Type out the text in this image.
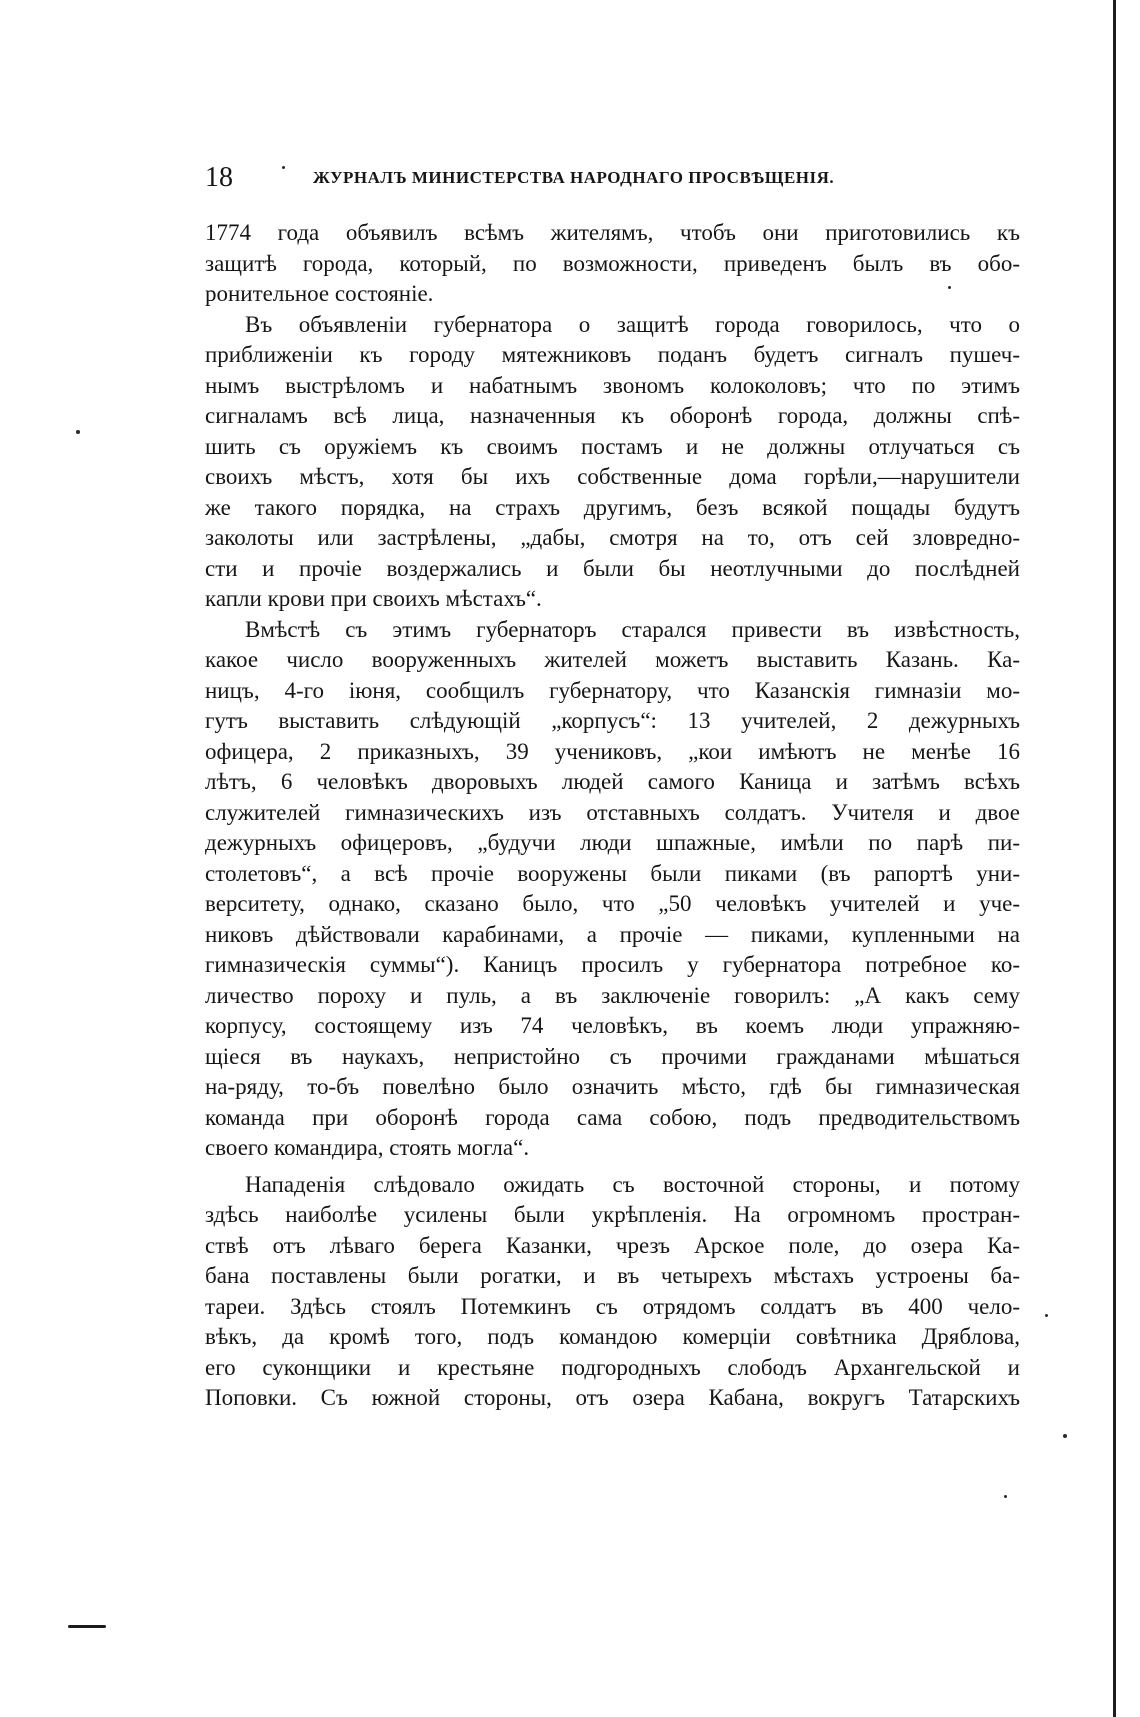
18	ЖУРНАЛЪ МИНИСТЕРСТВА НАРОДНАГО ПРОСВѢЩЕНІЯ.
1774 года объявилъ всѣмъ жителямъ, чтобъ они приготовились къ
защитѣ города, который, по возможности, приведенъ былъ въ обо-
ронительное состояніе.
Въ объявленіи губернатора о защитѣ города говорилось, что о
приближеніи къ городу мятежниковъ поданъ будетъ сигналъ пушеч-
нымъ выстрѣломъ и набатнымъ звономъ колоколовъ; что по этимъ
сигналамъ всѣ лица, назначенныя къ оборонѣ города, должны спѣ-
шить съ оружіемъ къ своимъ постамъ и не должны отлучаться съ
своихъ мѣстъ, хотя бы ихъ собственные дома горѣли,—нарушители
же такого порядка, на страхъ другимъ, безъ всякой пощады будутъ
заколоты или застрѣлены, „дабы, смотря на то, отъ сей зловредно-
сти и прочіе воздержались и были бы неотлучными до послѣдней
капли крови при своихъ мѣстахъ“.
Вмѣстѣ съ этимъ губернаторъ старался привести въ извѣстность,
какое число вооруженныхъ жителей можетъ выставить Казань. Ка-
ницъ, 4-го іюня, сообщилъ губернатору, что Казанскія гимназіи мо-
гутъ выставить слѣдующій „корпусъ“: 13 учителей, 2 дежурныхъ
офицера, 2 приказныхъ, 39 учениковъ, „кои имѣютъ не менѣе 16
лѣтъ, 6 человѣкъ дворовыхъ людей самого Каница и затѣмъ всѣхъ
служителей гимназическихъ изъ отставныхъ солдатъ. Учителя и двое
дежурныхъ офицеровъ, „будучи люди шпажные, имѣли по парѣ пи-
столетовъ“, а всѣ прочіе вооружены были пиками (въ рапортѣ уни-
верситету, однако, сказано было, что „50 человѣкъ учителей и уче-
никовъ дѣйствовали карабинами, а прочіе — пиками, купленными на
гимназическія суммы“). Каницъ просилъ у губернатора потребное ко-
личество пороху и пуль, а въ заключеніе говорилъ: „А какъ сему
корпусу, состоящему изъ 74 человѣкъ, въ коемъ люди упражняю-
щіеся въ наукахъ, непристойно съ прочими гражданами мѣшаться
на-ряду, то-бъ повелѣно было означить мѣсто, гдѣ бы гимназическая
команда при оборонѣ города сама собою, подъ предводительствомъ
своего командира, стоять могла“.
Нападенія слѣдовало ожидать съ восточной стороны, и потому
здѣсь наиболѣе усилены были укрѣпленія. На огромномъ простран-
ствѣ отъ лѣваго берега Казанки, чрезъ Арское поле, до озера Ка-
бана поставлены были рогатки, и въ четырехъ мѣстахъ устроены ба-
тареи. Здѣсь стоялъ Потемкинъ съ отрядомъ солдатъ въ 400 чело-
вѣкъ, да кромѣ того, подъ командою комерціи совѣтника Дряблова,
его суконщики и крестьяне подгородныхъ слободъ Архангельской и
Поповки. Съ южной стороны, отъ озера Кабана, вокругъ Татарскихъ
